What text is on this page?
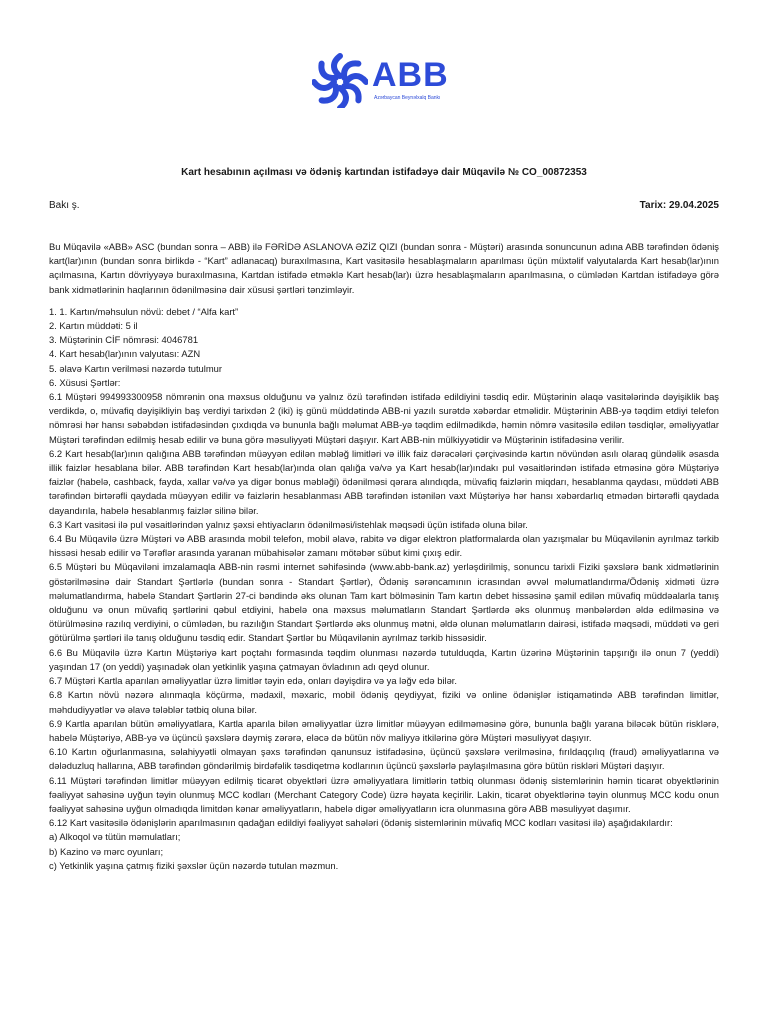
ABB
Azərbaycan Beynəlxalq Bankı
Kart hesabının açılması və ödəniş kartından istifadəyə dair Müqavilə № CO_00872353
Bakı ş.	Tarix: 29.04.2025

Bu Müqavilə «ABB» ASC (bundan sonra – ABB) ilə FƏRİDƏ ASLANOVA ƏZİZ QIZI (bundan sonra - Müştəri) arasında sonuncunun adına ABB tərəfindən ödəniş kart(lar)ının (bundan sonra birlikdə - “Kart” adlanacaq) buraxılmasına, Kart vasitəsilə hesablaşmaların aparılması üçün müxtəlif valyutalarda Kart hesab(lar)ının açılmasına, Kartın dövriyyəyə buraxılmasına, Kartdan istifadə etməklə Kart hesab(lar)ı üzrə hesablaşmaların aparılmasına, o cümlədən Kartdan istifadəyə görə bank xidmətlərinin haqlarının ödənilməsinə dair xüsusi şərtləri tənzimləyir.

1. 1. Kartın/məhsulun növü: debet / “Alfa kart”

2. Kartın müddəti: 5 il

3. Müştərinin CİF nömrəsi: 4046781

4. Kart hesab(lar)ının valyutası: AZN

5. əlavə Kartın verilməsi nəzərdə tutulmur

6. Xüsusi Şərtlər:

6.1 Müştəri 994993300958 nömrənin ona məxsus olduğunu və yalnız özü tərəfindən istifadə edildiyini təsdiq edir. Müştərinin əlaqə vasitələrində dəyişiklik baş verdikdə, o, müvafiq dəyişikliyin baş verdiyi tarixdən 2 (iki) iş günü müddətində ABB-ni yazılı surətdə xəbərdar etməlidir. Müştərinin ABB-yə təqdim etdiyi telefon nömrəsi hər hansı səbəbdən istifadəsindən çıxdıqda və bununla bağlı məlumat ABB-yə təqdim edilmədikdə, həmin nömrə vasitəsilə edilən təsdiqlər, əməliyyatlar Müştəri tərəfindən edilmiş hesab edilir və buna görə məsuliyyəti Müştəri daşıyır. Kart ABB-nin mülkiyyətidir və Müştərinin istifadəsinə verilir.

6.2 Kart hesab(lar)ının qalığına ABB tərəfindən müəyyən edilən məbləğ limitləri və illik faiz dərəcələri çərçivəsində kartın növündən asılı olaraq gündəlik əsasda illik faizlər hesablana bilər. ABB tərəfindən Kart hesab(lar)ında olan qalığa və/və ya Kart hesab(lar)ındakı pul vəsaitlərindən istifadə etməsinə görə Müştəriyə faizlər (habelə, cashback, fayda, xallar və/və ya digər bonus məbləği) ödənilməsi qərara alındıqda, müvafiq faizlərin miqdarı, hesablanma qaydası, müddəti ABB tərəfindən birtərəfli qaydada müəyyən edilir və faizlərin hesablanması ABB tərəfindən istənilən vaxt Müştəriyə hər hansı xəbərdarlıq etmədən birtərəfli qaydada dayandırıla, habelə hesablanmış faizlər silinə bilər.

6.3 Kart vasitəsi ilə pul vəsaitlərindən yalnız şəxsi ehtiyacların ödənilməsi/istehlak məqsədi üçün istifadə oluna bilər.

6.4 Bu Müqavilə üzrə Müştəri və ABB arasında mobil telefon, mobil əlavə, rabitə və digər elektron platformalarda olan yazışmalar bu Müqavilənin ayrılmaz tərkib hissəsi hesab edilir və Tərəflər arasında yaranan mübahisələr zamanı mötəbər sübut kimi çıxış edir.

6.5 Müştəri bu Müqaviləni imzalamaqla ABB-nin rəsmi internet səhifəsində (www.abb-bank.az) yerləşdirilmiş, sonuncu tarixli Fiziki şəxslərə bank xidmətlərinin göstərilməsinə dair Standart Şərtlərlə (bundan sonra - Standart Şərtlər), Ödəniş sərəncamının icrasından əvvəl məlumatlandırma/Ödəniş xidməti üzrə məlumatlandırma, habelə Standart Şərtlərin 27-ci bəndində əks olunan Tam kart bölməsinin Tam kartın debet hissəsinə şamil edilən müvafiq müddəalarla tanış olduğunu və onun müvafiq şərtlərini qəbul etdiyini, habelə ona məxsus məlumatların Standart Şərtlərdə əks olunmuş mənbələrdən əldə edilməsinə və ötürülməsinə razılıq verdiyini, o cümlədən, bu razılığın Standart Şərtlərdə əks olunmuş mətni, əldə olunan məlumatların dairəsi, istifadə məqsədi, müddəti və geri götürülmə şərtləri ilə tanış olduğunu təsdiq edir. Standart Şərtlər bu Müqavilənin ayrılmaz tərkib hissəsidir.

6.6 Bu Müqavilə üzrə Kartın Müştəriyə kart poçtahı formasında təqdim olunması nəzərdə tutulduqda, Kartın üzərinə Müştərinin tapşırığı ilə onun 7 (yeddi) yaşından 17 (on yeddi) yaşınadək olan yetkinlik yaşına çatmayan övladının adı qeyd olunur.

6.7 Müştəri Kartla aparılan əməliyyatlar üzrə limitlər təyin edə, onları dəyişdirə və ya ləğv edə bilər.

6.8 Kartın növü nəzərə alınmaqla köçürmə, mədaxil, məxaric, mobil ödəniş qeydiyyat, fiziki və online ödənişlər istiqamətində ABB tərəfindən limitlər, məhdudiyyətlər və əlavə tələblər tətbiq oluna bilər.

6.9 Kartla aparılan bütün əməliyyatlara, Kartla aparıla bilən əməliyyatlar üzrə limitlər müəyyən edilməməsinə görə, bununla bağlı yarana biləcək bütün risklərə, habelə Müştəriyə, ABB-yə və üçüncü şəxslərə dəymiş zərərə, eləcə də bütün növ maliyyə itkilərinə görə Müştəri məsuliyyət daşıyır.

6.10 Kartın oğurlanmasına, səlahiyyətli olmayan şəxs tərəfindən qanunsuz istifadəsinə, üçüncü şəxslərə verilməsinə, fırıldaqçılıq (fraud) əməliyyatlarına və dələduzluq hallarına, ABB tərəfindən göndərilmiş birdəfəlik təsdiqetmə kodlarının üçüncü şəxslərlə paylaşılmasına görə bütün riskləri Müştəri daşıyır.

6.11 Müştəri tərəfindən limitlər müəyyən edilmiş ticarət obyektləri üzrə əməliyyatlara limitlərin tətbiq olunması ödəniş sistemlərinin həmin ticarət obyektlərinin fəaliyyət sahəsinə uyğun təyin olunmuş MCC kodları (Merchant Category Code) üzrə həyata keçirilir. Lakin, ticarət obyektlərinə təyin olunmuş MCC kodu onun fəaliyyət sahəsinə uyğun olmadıqda limitdən kənar əməliyyatların, habelə digər əməliyyatların icra olunmasına görə ABB məsuliyyət daşımır.

6.12 Kart vasitəsilə ödənişlərin aparılmasının qadağan edildiyi fəaliyyət sahələri (ödəniş sistemlərinin müvafiq MCC kodları vasitəsi ilə) aşağıdakılardır:

a) Alkoqol və tütün məmulatları;

b) Kazino və mərc oyunları;

c) Yetkinlik yaşına çatmış fiziki şəxslər üçün nəzərdə tutulan məzmun.
